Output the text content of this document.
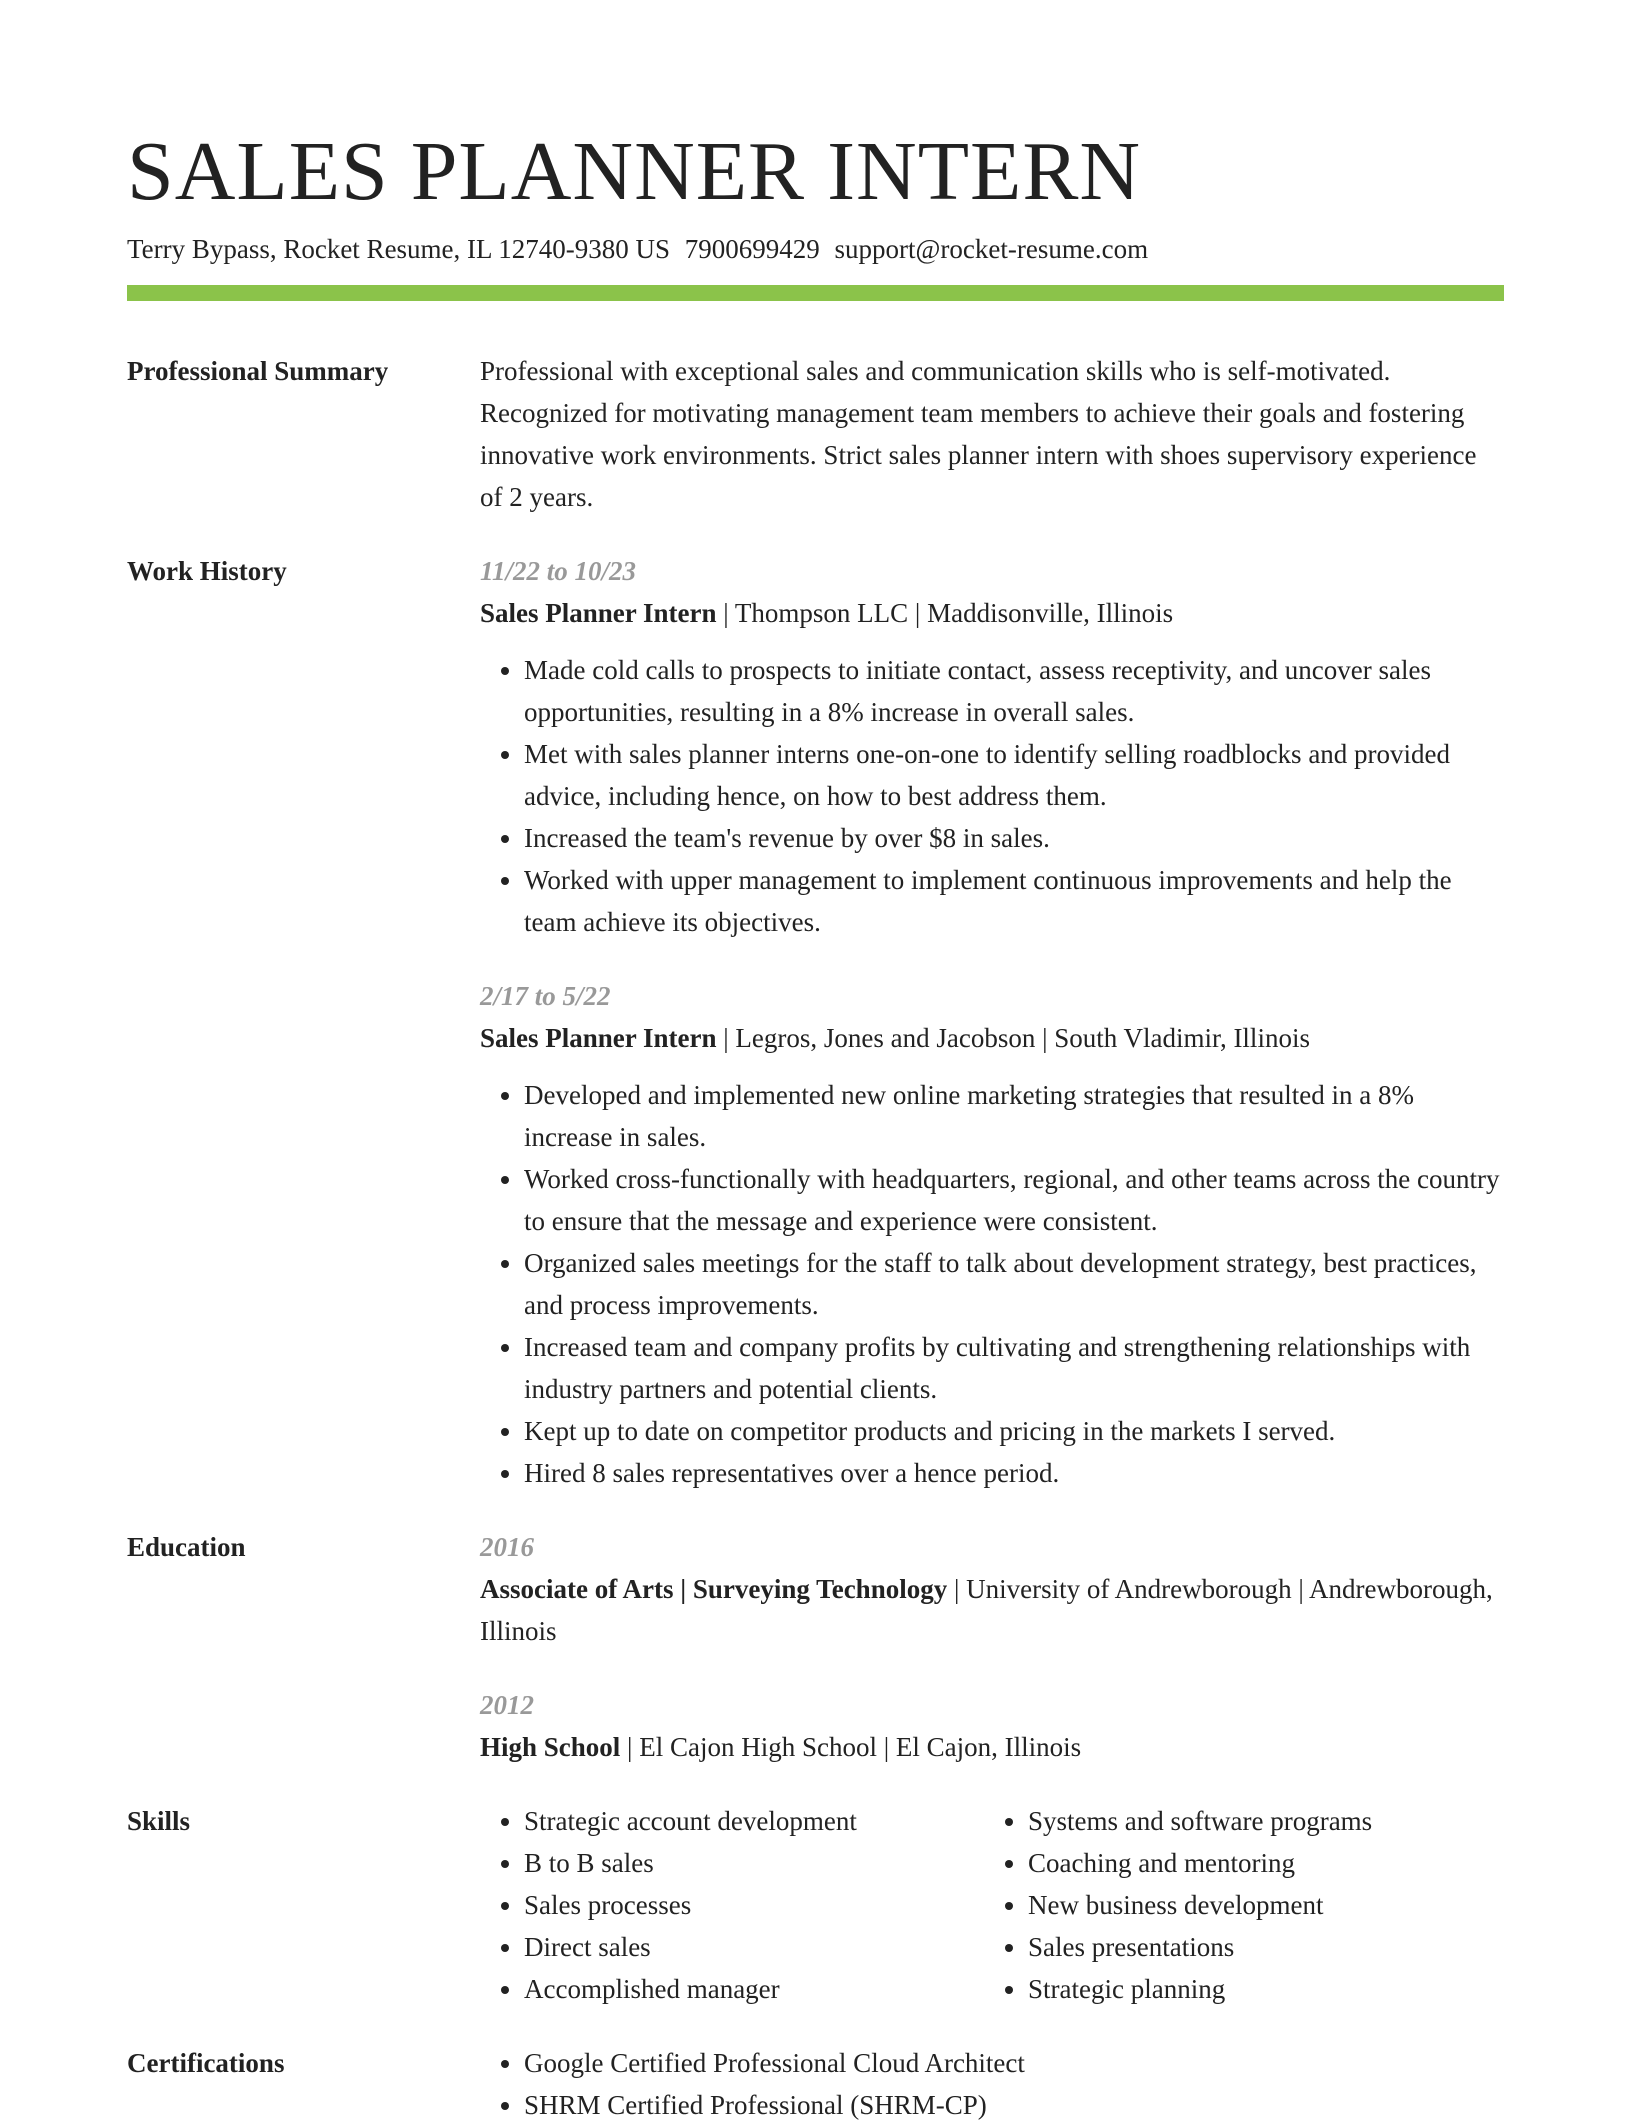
SALES PLANNER INTERN
Terry Bypass, Rocket Resume, IL 12740-9380 US 7900699429 support@rocket-resume.com
Professional Summary	Professional with exceptional sales and communication skills who is self-motivated. Recognized for motivating management team members to achieve their goals and fostering innovative work environments. Strict sales planner intern with shoes supervisory experience of 2 years.

Work History	11/22 to 10/23
Sales Planner Intern | Thompson LLC | Maddisonville, Illinois
• Made cold calls to prospects to initiate contact, assess receptivity, and uncover sales opportunities, resulting in a 8% increase in overall sales.
• Met with sales planner interns one-on-one to identify selling roadblocks and provided advice, including hence, on how to best address them.
• Increased the team's revenue by over $8 in sales.
• Worked with upper management to implement continuous improvements and help the team achieve its objectives.
2/17 to 5/22
Sales Planner Intern | Legros, Jones and Jacobson | South Vladimir, Illinois
• Developed and implemented new online marketing strategies that resulted in a 8% increase in sales.
• Worked cross-functionally with headquarters, regional, and other teams across the country to ensure that the message and experience were consistent.
• Organized sales meetings for the staff to talk about development strategy, best practices, and process improvements.
• Increased team and company profits by cultivating and strengthening relationships with industry partners and potential clients.
• Kept up to date on competitor products and pricing in the markets I served.
• Hired 8 sales representatives over a hence period.
Education	2016
Associate of Arts | Surveying Technology | University of Andrewborough | Andrewborough, Illinois
2012
High School | El Cajon High School | El Cajon, Illinois
Skills	• Strategic account development
• B to B sales
• Sales processes
• Direct sales
• Accomplished manager
• Systems and software programs
• Coaching and mentoring
• New business development
• Sales presentations
• Strategic planning
Certifications	• Google Certified Professional Cloud Architect
• SHRM Certified Professional (SHRM-CP)
